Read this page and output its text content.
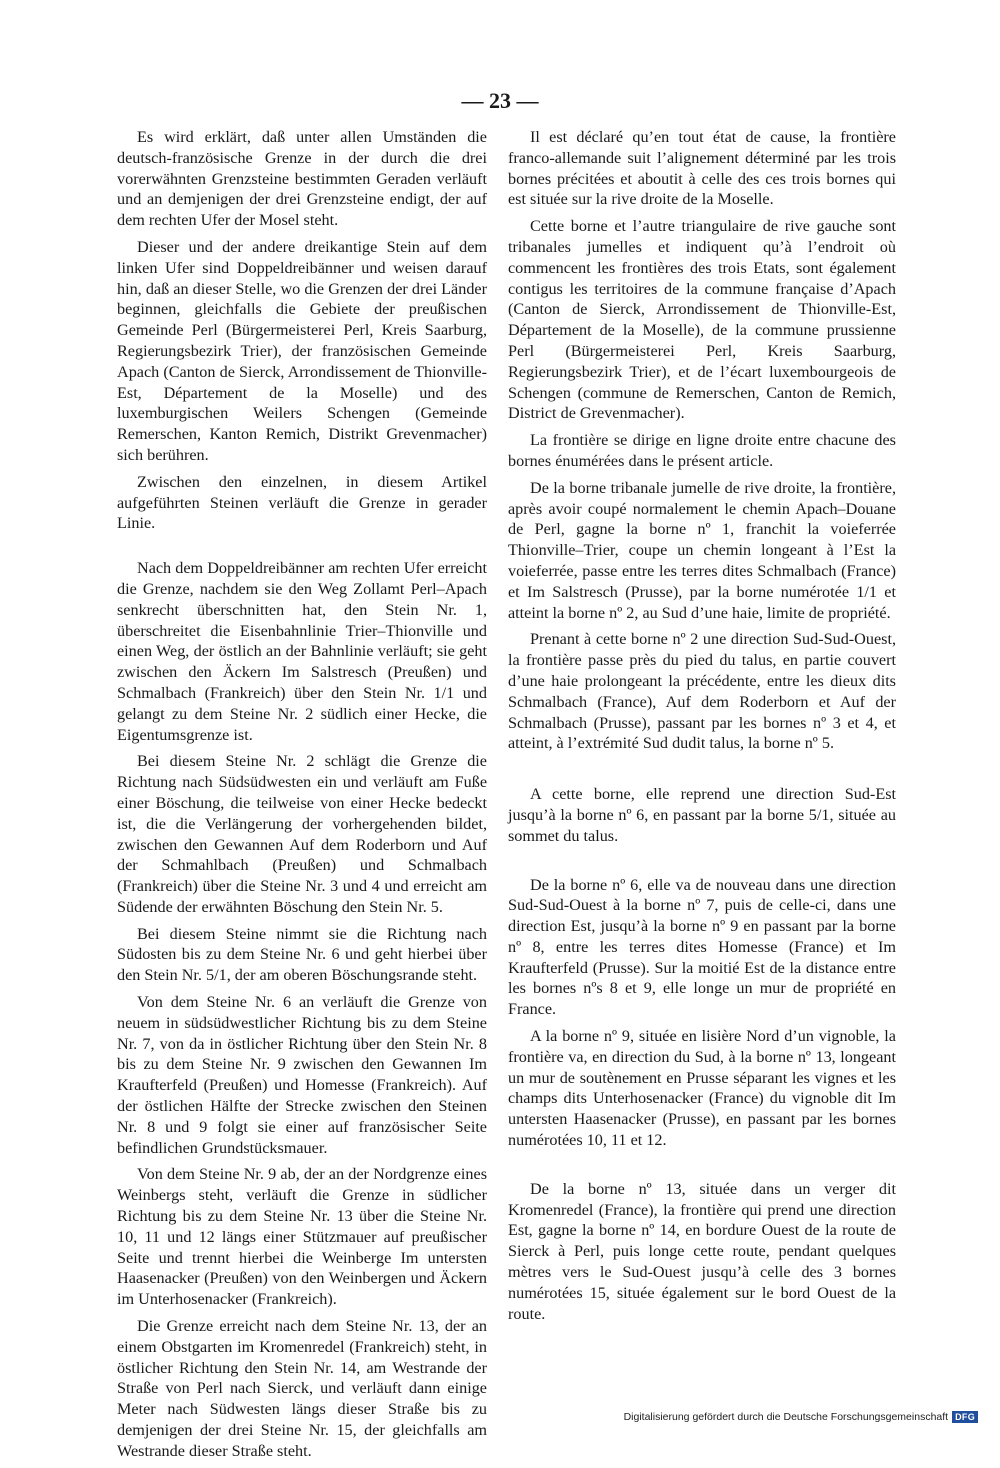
— 23 —

Es wird erklärt, daß unter allen Umständen die deutsch-französische Grenze in der durch die drei vorerwähnten Grenzsteine bestimmten Geraden verläuft und an demjenigen der drei Grenzsteine endigt, der auf dem rechten Ufer der Mosel steht.

Dieser und der andere dreikantige Stein auf dem linken Ufer sind Doppeldreibänner und weisen darauf hin, daß an dieser Stelle, wo die Grenzen der drei Länder beginnen, gleichfalls die Gebiete der preußischen Gemeinde Perl (Bürgermeisterei Perl, Kreis Saarburg, Regierungsbezirk Trier), der französischen Gemeinde Apach (Canton de Sierck, Arrondissement de Thionville-Est, Département de la Moselle) und des luxemburgischen Weilers Schengen (Gemeinde Remerschen, Kanton Remich, Distrikt Grevenmacher) sich berühren.

Zwischen den einzelnen, in diesem Artikel aufgeführten Steinen verläuft die Grenze in gerader Linie.

Nach dem Doppeldreibänner am rechten Ufer erreicht die Grenze, nachdem sie den Weg Zollamt Perl–Apach senkrecht überschnitten hat, den Stein Nr. 1, überschreitet die Eisenbahnlinie Trier–Thionville und einen Weg, der östlich an der Bahnlinie verläuft; sie geht zwischen den Äckern Im Salstresch (Preußen) und Schmalbach (Frankreich) über den Stein Nr. 1/1 und gelangt zu dem Steine Nr. 2 südlich einer Hecke, die Eigentumsgrenze ist.

Bei diesem Steine Nr. 2 schlägt die Grenze die Richtung nach Südsüdwesten ein und verläuft am Fuße einer Böschung, die teilweise von einer Hecke bedeckt ist, die die Verlängerung der vorhergehenden bildet, zwischen den Gewannen Auf dem Roderborn und Auf der Schmahlbach (Preußen) und Schmalbach (Frankreich) über die Steine Nr. 3 und 4 und erreicht am Südende der erwähnten Böschung den Stein Nr. 5.

Bei diesem Steine nimmt sie die Richtung nach Südosten bis zu dem Steine Nr. 6 und geht hierbei über den Stein Nr. 5/1, der am oberen Böschungsrande steht.

Von dem Steine Nr. 6 an verläuft die Grenze von neuem in südsüdwestlicher Richtung bis zu dem Steine Nr. 7, von da in östlicher Richtung über den Stein Nr. 8 bis zu dem Steine Nr. 9 zwischen den Gewannen Im Kraufterfeld (Preußen) und Homesse (Frankreich). Auf der östlichen Hälfte der Strecke zwischen den Steinen Nr. 8 und 9 folgt sie einer auf französischer Seite befindlichen Grundstücksmauer.

Von dem Steine Nr. 9 ab, der an der Nordgrenze eines Weinbergs steht, verläuft die Grenze in südlicher Richtung bis zu dem Steine Nr. 13 über die Steine Nr. 10, 11 und 12 längs einer Stützmauer auf preußischer Seite und trennt hierbei die Weinberge Im untersten Haasenacker (Preußen) von den Weinbergen und Äckern im Unterhosenacker (Frankreich).

Die Grenze erreicht nach dem Steine Nr. 13, der an einem Obstgarten im Kromenredel (Frankreich) steht, in östlicher Richtung den Stein Nr. 14, am Westrande der Straße von Perl nach Sierck, und verläuft dann einige Meter nach Südwesten längs dieser Straße bis zu demjenigen der drei Steine Nr. 15, der gleichfalls am Westrande dieser Straße steht.

Il est déclaré qu’en tout état de cause, la frontière franco-allemande suit l’alignement déterminé par les trois bornes précitées et aboutit à celle des ces trois bornes qui est située sur la rive droite de la Moselle.

Cette borne et l’autre triangulaire de rive gauche sont tribanales jumelles et indiquent qu’à l’endroit où commencent les frontières des trois Etats, sont également contigus les territoires de la commune française d’Apach (Canton de Sierck, Arrondissement de Thionville-Est, Département de la Moselle), de la commune prussienne Perl (Bürgermeisterei Perl, Kreis Saarburg, Regierungsbezirk Trier), et de l’écart luxembourgeois de Schengen (commune de Remerschen, Canton de Remich, District de Grevenmacher).

La frontière se dirige en ligne droite entre chacune des bornes énumérées dans le présent article.

De la borne tribanale jumelle de rive droite, la frontière, après avoir coupé normalement le chemin Apach–Douane de Perl, gagne la borne nº 1, franchit la voieferrée Thionville–Trier, coupe un chemin longeant à l’Est la voieferrée, passe entre les terres dites Schmalbach (France) et Im Salstresch (Prusse), par la borne numérotée 1/1 et atteint la borne nº 2, au Sud d’une haie, limite de propriété.

Prenant à cette borne nº 2 une direction Sud-Sud-Ouest, la frontière passe près du pied du talus, en partie couvert d’une haie prolongeant la précédente, entre les dieux dits Schmalbach (France), Auf dem Roderborn et Auf der Schmalbach (Prusse), passant par les bornes nº 3 et 4, et atteint, à l’extrémité Sud dudit talus, la borne nº 5.

A cette borne, elle reprend une direction Sud-Est jusqu’à la borne nº 6, en passant par la borne 5/1, située au sommet du talus.

De la borne nº 6, elle va de nouveau dans une direction Sud-Sud-Ouest à la borne nº 7, puis de celle-ci, dans une direction Est, jusqu’à la borne nº 9 en passant par la borne nº 8, entre les terres dites Homesse (France) et Im Kraufterfeld (Prusse). Sur la moitié Est de la distance entre les bornes nºs 8 et 9, elle longe un mur de propriété en France.

A la borne nº 9, située en lisière Nord d’un vignoble, la frontière va, en direction du Sud, à la borne nº 13, longeant un mur de soutènement en Prusse séparant les vignes et les champs dits Unterhosenacker (France) du vignoble dit Im untersten Haasenacker (Prusse), en passant par les bornes numérotées 10, 11 et 12.

De la borne nº 13, située dans un verger dit Kromenredel (France), la frontière qui prend une direction Est, gagne la borne nº 14, en bordure Ouest de la route de Sierck à Perl, puis longe cette route, pendant quelques mètres vers le Sud-Ouest jusqu’à celle des 3 bornes numérotées 15, située également sur le bord Ouest de la route.

Digitalisierung gefördert durch die Deutsche Forschungsgemeinschaft DFG
